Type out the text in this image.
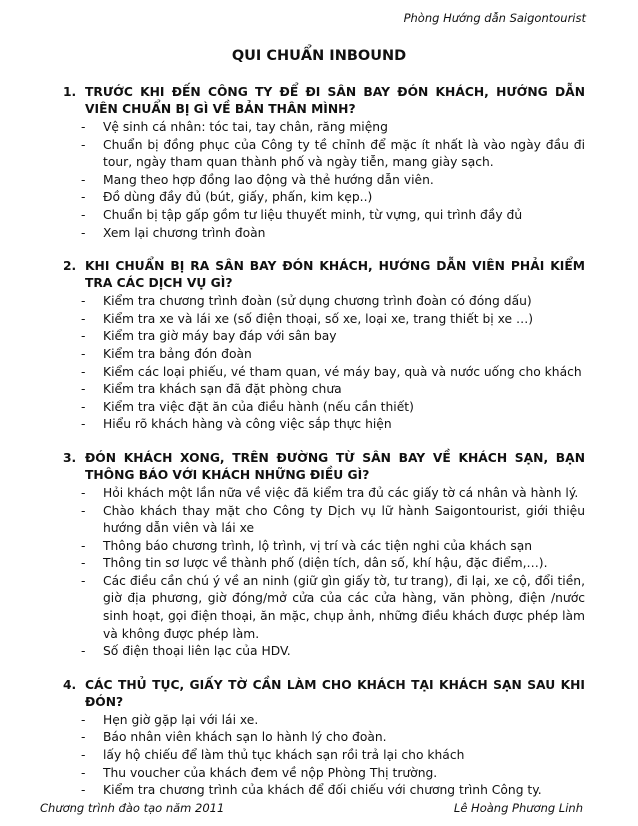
Phòng Hướng dẫn Saigontourist
QUI CHUẨN INBOUND
1. TRƯỚC KHI ĐẾN CÔNG TY ĐỂ ĐI SÂN BAY ĐÓN KHÁCH, HƯỚNG DẪN VIÊN CHUẨN BỊ GÌ VỀ BẢN THÂN MÌNH?
-	Vệ sinh cá nhân: tóc tai, tay chân, răng miệng
-	Chuẩn bị đồng phục của Công ty tề chỉnh để mặc ít nhất là vào ngày đầu đi tour, ngày tham quan thành phố và ngày tiễn, mang giày sạch.
-	Mang theo hợp đồng lao động và thẻ hướng dẫn viên.
-	Đồ dùng đầy đủ (bút, giấy, phấn, kim kẹp..)
-	Chuẩn bị tập gấp gồm tư liệu thuyết minh, từ vựng, qui trình đầy đủ
-	Xem lại chương trình đoàn
2. KHI CHUẨN BỊ RA SÂN BAY ĐÓN KHÁCH, HƯỚNG DẪN VIÊN PHẢI KIỂM TRA CÁC DỊCH VỤ GÌ?
-	Kiểm tra chương trình đoàn (sử dụng chương trình đoàn có đóng dấu)
-	Kiểm tra xe và lái xe (số điện thoại, số xe, loại xe, trang thiết bị xe …)
-	Kiểm tra giờ máy bay đáp với sân bay
-	Kiểm tra bảng đón đoàn
-	Kiểm các loại phiếu, vé tham quan, vé máy bay, quà và nước uống cho khách
-	Kiểm tra khách sạn đã đặt phòng chưa
-	Kiểm tra việc đặt ăn của điều hành (nếu cần thiết)
-	Hiểu rõ khách hàng và công việc sắp thực hiện
3. ĐÓN KHÁCH XONG, TRÊN ĐƯỜNG TỪ SÂN BAY VỀ KHÁCH SẠN, BẠN THÔNG BÁO VỚI KHÁCH NHỮNG ĐIỀU GÌ?
-	Hỏi khách một lần nữa về việc đã kiểm tra đủ các giấy tờ cá nhân và hành lý.
-	Chào khách thay mặt cho Công ty Dịch vụ lữ hành Saigontourist, giới thiệu hướng dẫn viên và lái xe
-	Thông báo chương trình, lộ trình, vị trí và các tiện nghi của khách sạn
-	Thông tin sơ lược về thành phố (diện tích, dân số, khí hậu, đặc điểm,…).
-	Các điều cần chú ý về an ninh (giữ gìn giấy tờ, tư trang), đi lại, xe cộ, đổi tiền, giờ địa phương, giờ đóng/mở cửa của các cửa hàng, văn phòng, điện /nước sinh hoạt, gọi điện thoại, ăn mặc, chụp ảnh, những điều khách được phép làm và không được phép làm.
-	Số điện thoại liên lạc của HDV.
4. CÁC THỦ TỤC, GIẤY TỜ CẦN LÀM CHO KHÁCH TẠI KHÁCH SẠN SAU KHI ĐÓN?
-	Hẹn giờ gặp lại với lái xe.
-	Báo nhân viên khách sạn lo hành lý cho đoàn.
-	lấy hộ chiếu để làm thủ tục khách sạn rồi trả lại cho khách
-	Thu voucher của khách đem về nộp Phòng Thị trường.
-	Kiểm tra chương trình của khách để đối chiếu với chương trình Công ty.
Chương trình đào tạo năm 2011	Lê Hoàng Phương Linh
